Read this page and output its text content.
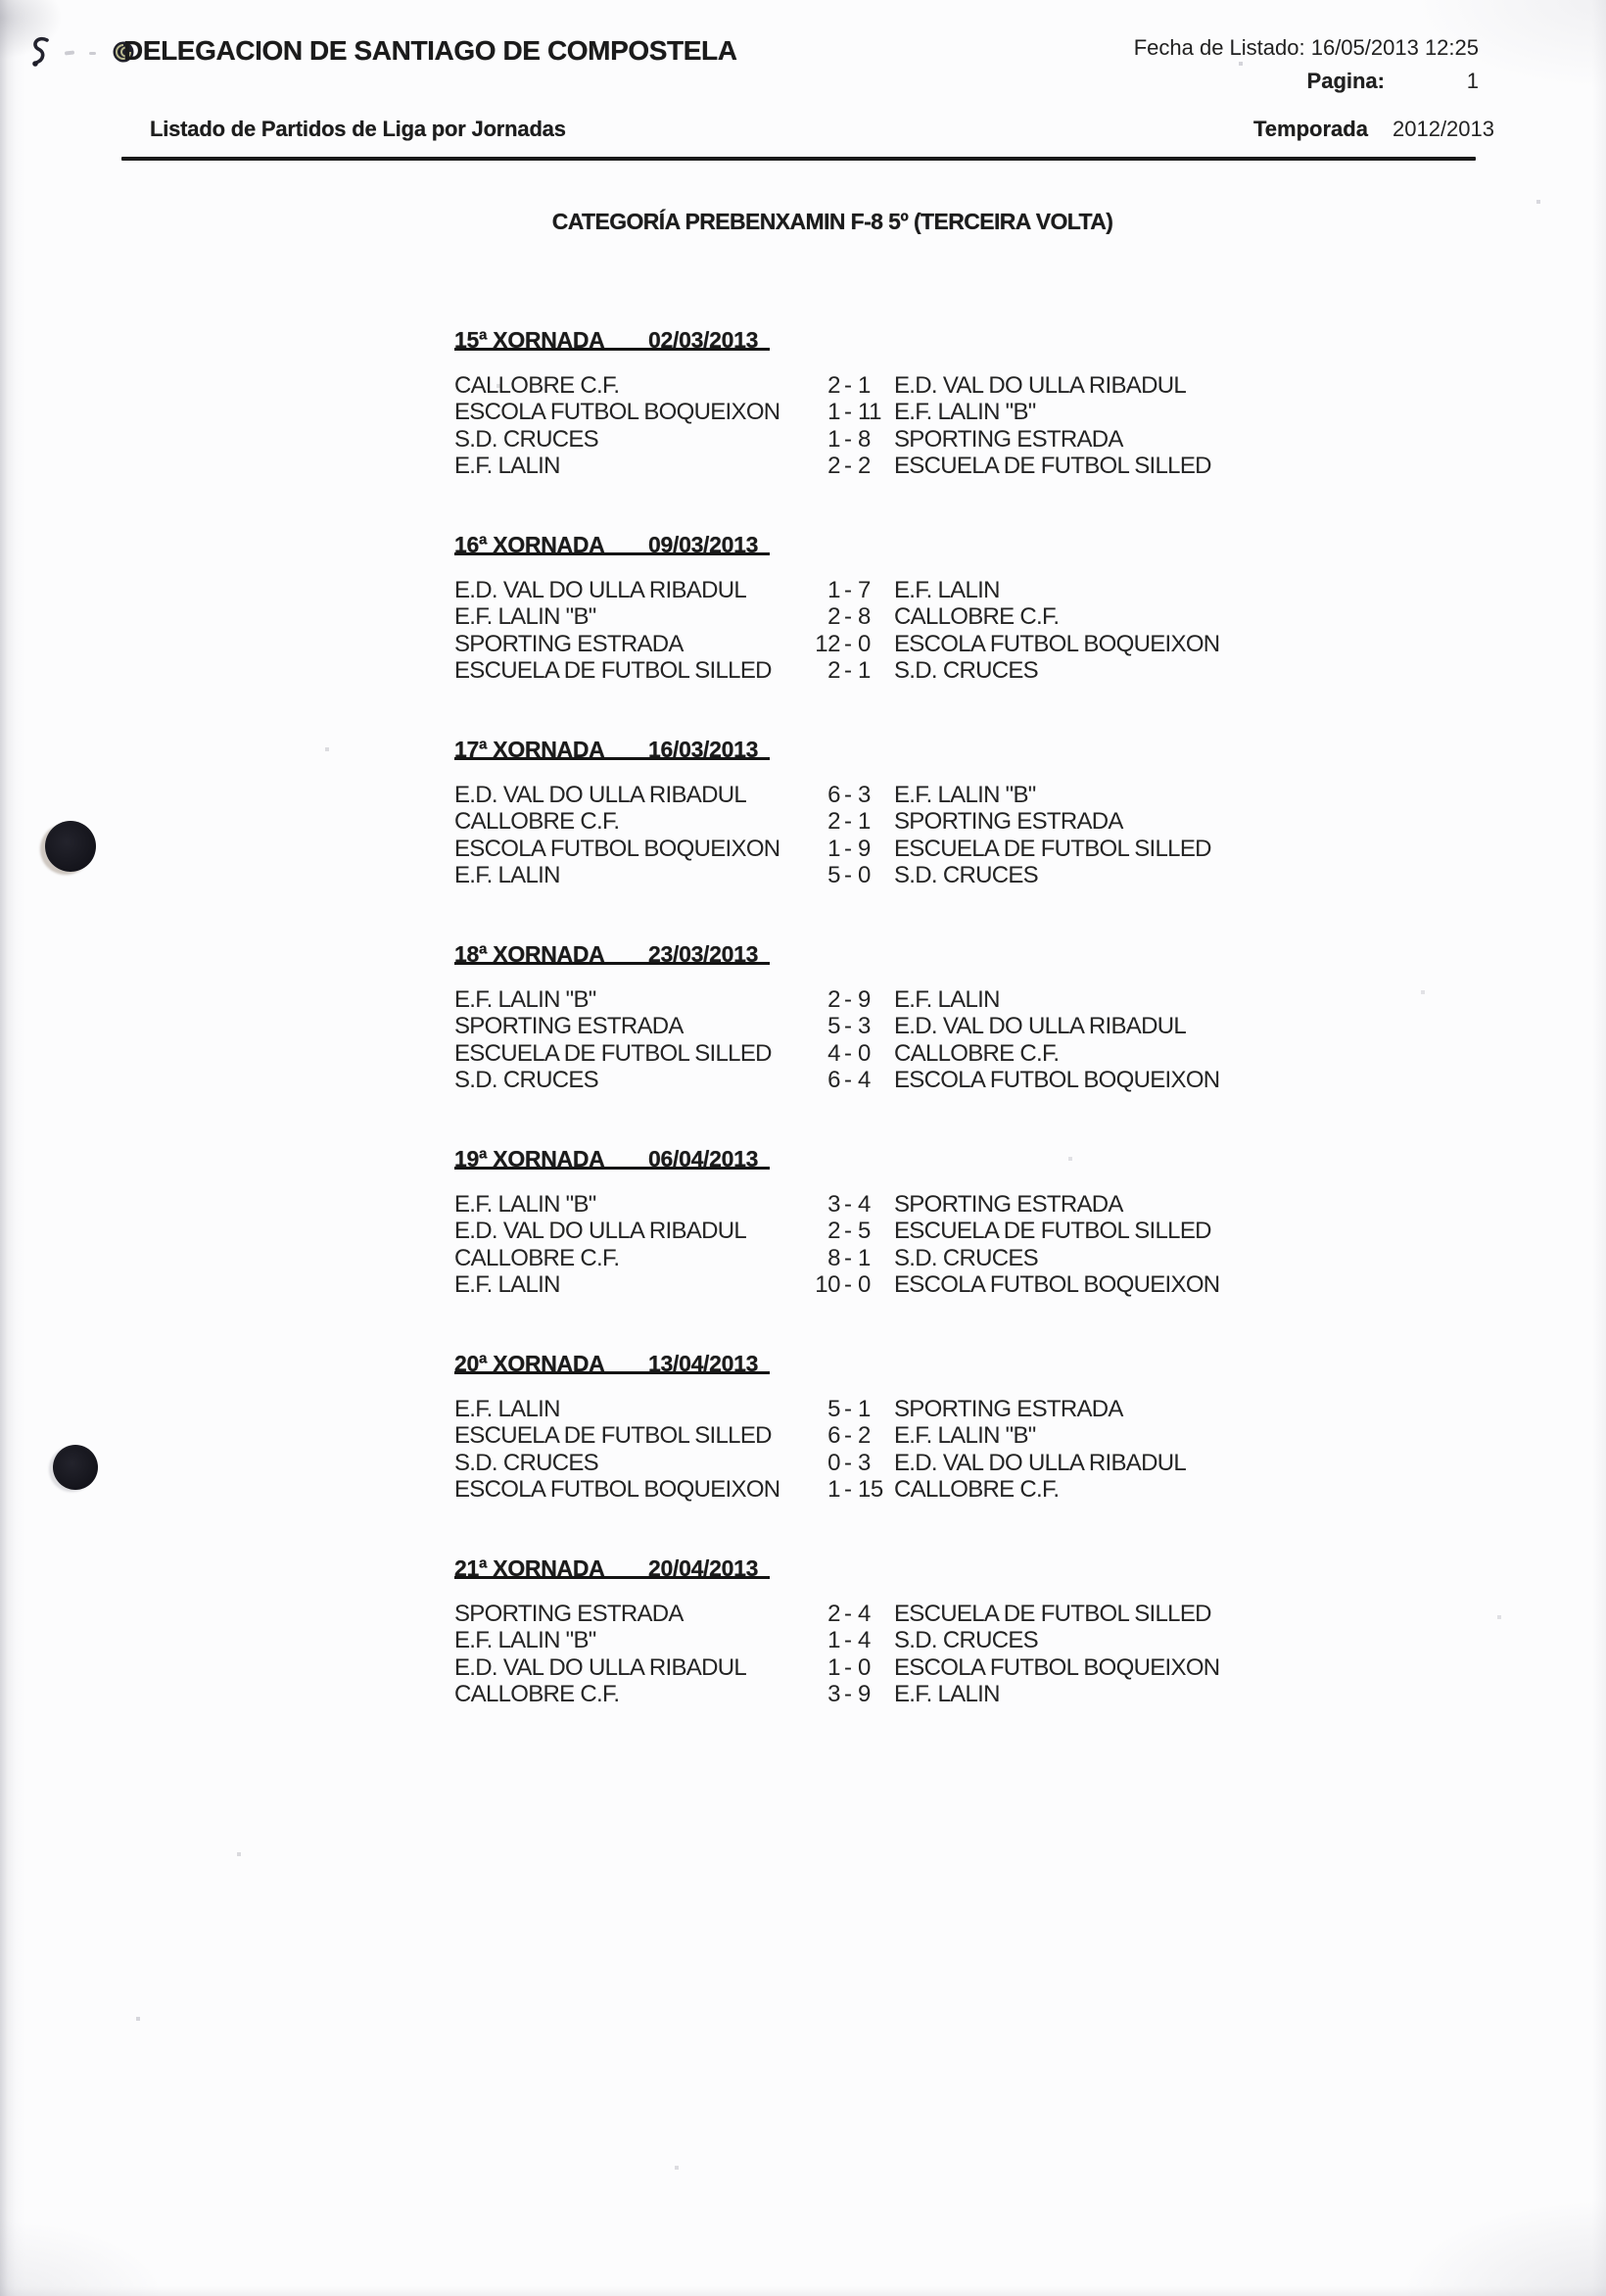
DELEGACION DE SANTIAGO DE COMPOSTELA	Fecha de Listado: 16/05/2013 12:25
Pagina:	1
Listado de Partidos de Liga por Jornadas	Temporada 2012/2013
CATEGORÍA PREBENXAMIN F-8 5º (TERCEIRA VOLTA)
15ª XORNADA 02/03/2013
CALLOBRE C.F.	2 - 1 E.D. VAL DO ULLA RIBADUL
ESCOLA FUTBOL BOQUEIXON	1 - 11 E.F. LALIN "B"
S.D. CRUCES	1 - 8 SPORTING ESTRADA
E.F. LALIN	2 - 2 ESCUELA DE FUTBOL SILLED
16ª XORNADA 09/03/2013
E.D. VAL DO ULLA RIBADUL	1 - 7 E.F. LALIN
E.F. LALIN "B"	2 - 8 CALLOBRE C.F.
SPORTING ESTRADA	12 - 0 ESCOLA FUTBOL BOQUEIXON
ESCUELA DE FUTBOL SILLED	2 - 1 S.D. CRUCES
17ª XORNADA 16/03/2013
E.D. VAL DO ULLA RIBADUL	6 - 3 E.F. LALIN "B"
CALLOBRE C.F.	2 - 1 SPORTING ESTRADA
ESCOLA FUTBOL BOQUEIXON	1 - 9 ESCUELA DE FUTBOL SILLED
E.F. LALIN	5 - 0 S.D. CRUCES
18ª XORNADA 23/03/2013
E.F. LALIN "B"	2 - 9 E.F. LALIN
SPORTING ESTRADA	5 - 3 E.D. VAL DO ULLA RIBADUL
ESCUELA DE FUTBOL SILLED	4 - 0 CALLOBRE C.F.
S.D. CRUCES	6 - 4 ESCOLA FUTBOL BOQUEIXON
19ª XORNADA 06/04/2013
E.F. LALIN "B"	3 - 4 SPORTING ESTRADA
E.D. VAL DO ULLA RIBADUL	2 - 5 ESCUELA DE FUTBOL SILLED
CALLOBRE C.F.	8 - 1 S.D. CRUCES
E.F. LALIN	10 - 0 ESCOLA FUTBOL BOQUEIXON
20ª XORNADA 13/04/2013
E.F. LALIN	5 - 1 SPORTING ESTRADA
ESCUELA DE FUTBOL SILLED	6 - 2 E.F. LALIN "B"
S.D. CRUCES	0 - 3 E.D. VAL DO ULLA RIBADUL
ESCOLA FUTBOL BOQUEIXON	1 - 15 CALLOBRE C.F.
21ª XORNADA 20/04/2013
SPORTING ESTRADA	2 - 4 ESCUELA DE FUTBOL SILLED
E.F. LALIN "B"	1 - 4 S.D. CRUCES
E.D. VAL DO ULLA RIBADUL	1 - 0 ESCOLA FUTBOL BOQUEIXON
CALLOBRE C.F.	3 - 9 E.F. LALIN
